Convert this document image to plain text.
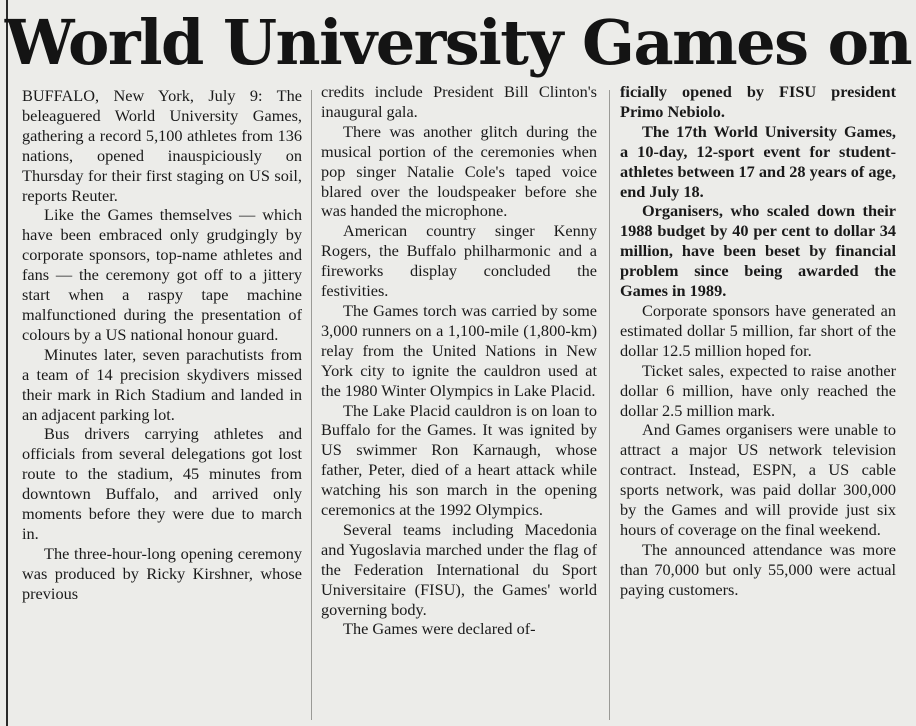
World University Games on

BUFFALO, New York, July 9: The beleaguered World University Games, gathering a record 5,100 athletes from 136 nations, opened inauspiciously on Thursday for their first staging on US soil, reports Reuter.

Like the Games themselves — which have been embraced only grudgingly by corporate sponsors, top-name athletes and fans — the ceremony got off to a jittery start when a raspy tape machine malfunctioned during the presentation of colours by a US national honour guard.

Minutes later, seven parachutists from a team of 14 precision skydivers missed their mark in Rich Stadium and landed in an adjacent parking lot.

Bus drivers carrying athletes and officials from several delegations got lost route to the stadium, 45 minutes from downtown Buffalo, and arrived only moments before they were due to march in.

The three-hour-long opening ceremony was produced by Ricky Kirshner, whose previous

credits include President Bill Clinton's inaugural gala.

There was another glitch during the musical portion of the ceremonies when pop singer Natalie Cole's taped voice blared over the loudspeaker before she was handed the microphone.

American country singer Kenny Rogers, the Buffalo philharmonic and a fireworks display concluded the festivities.

The Games torch was carried by some 3,000 runners on a 1,100-mile (1,800-km) relay from the United Nations in New York city to ignite the cauldron used at the 1980 Winter Olympics in Lake Placid.

The Lake Placid cauldron is on loan to Buffalo for the Games. It was ignited by US swimmer Ron Karnaugh, whose father, Peter, died of a heart attack while watching his son march in the opening ceremonics at the 1992 Olympics.

Several teams including Macedonia and Yugoslavia marched under the flag of the Federation International du Sport Universitaire (FISU), the Games' world governing body.

The Games were declared of-

ficially opened by FISU president Primo Nebiolo.

The 17th World University Games, a 10-day, 12-sport event for student-athletes between 17 and 28 years of age, end July 18.

Organisers, who scaled down their 1988 budget by 40 per cent to dollar 34 million, have been beset by financial problem since being awarded the Games in 1989.

Corporate sponsors have generated an estimated dollar 5 million, far short of the dollar 12.5 million hoped for.

Ticket sales, expected to raise another dollar 6 million, have only reached the dollar 2.5 million mark.

And Games organisers were unable to attract a major US network television contract. Instead, ESPN, a US cable sports network, was paid dollar 300,000 by the Games and will provide just six hours of coverage on the final weekend.

The announced attendance was more than 70,000 but only 55,000 were actual paying customers.
